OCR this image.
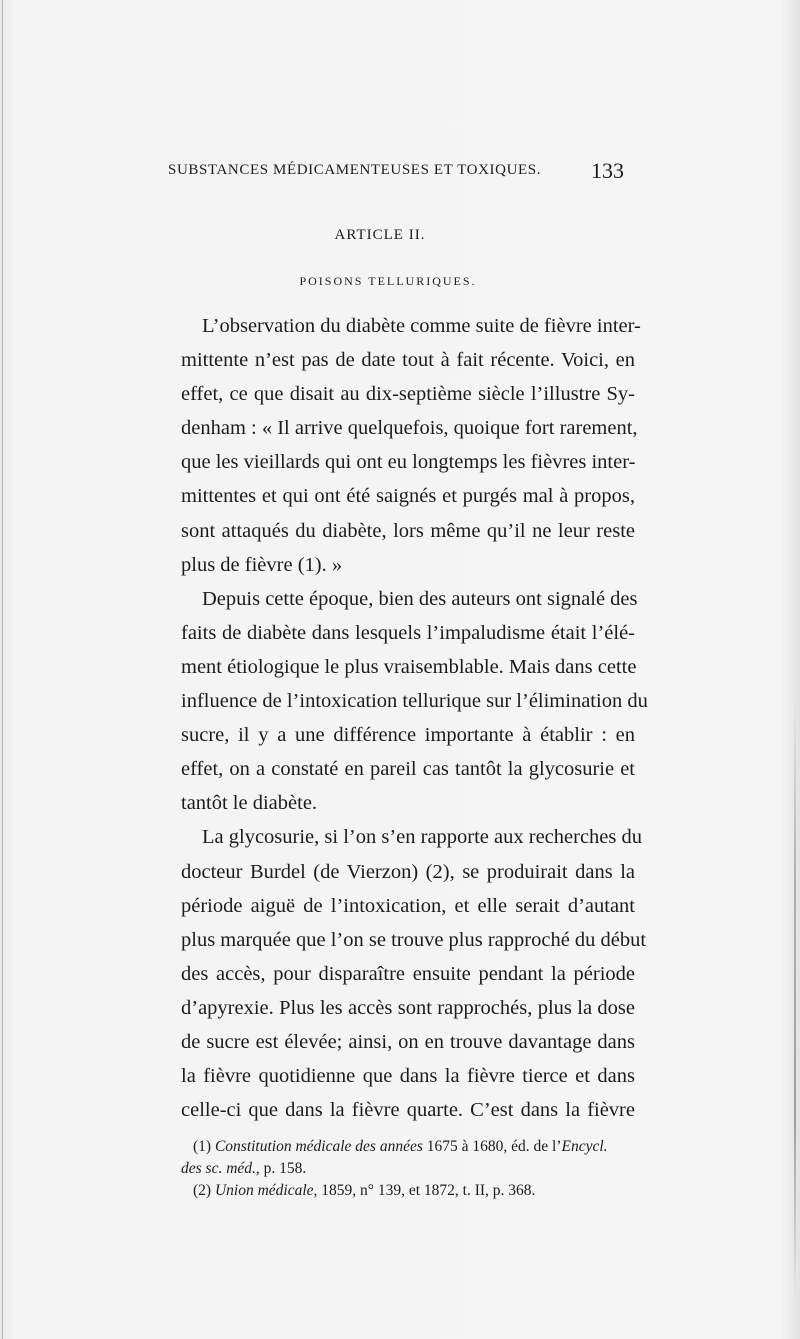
SUBSTANCES MÉDICAMENTEUSES ET TOXIQUES. 133
ARTICLE II.
POISONS TELLURIQUES.
L’observation du diabète comme suite de fièvre inter-
mittente n’est pas de date tout à fait récente. Voici, en
effet, ce que disait au dix-septième siècle l’illustre Sy-
denham : « Il arrive quelquefois, quoique fort rarement,
que les vieillards qui ont eu longtemps les fièvres inter-
mittentes et qui ont été saignés et purgés mal à propos,
sont attaqués du diabète, lors même qu’il ne leur reste
plus de fièvre (1). »
Depuis cette époque, bien des auteurs ont signalé des
faits de diabète dans lesquels l’impaludisme était l’élé-
ment étiologique le plus vraisemblable. Mais dans cette
influence de l’intoxication tellurique sur l’élimination du
sucre, il y a une différence importante à établir : en
effet, on a constaté en pareil cas tantôt la glycosurie et
tantôt le diabète.
La glycosurie, si l’on s’en rapporte aux recherches du
docteur Burdel (de Vierzon) (2), se produirait dans la
période aiguë de l’intoxication, et elle serait d’autant
plus marquée que l’on se trouve plus rapproché du début
des accès, pour disparaître ensuite pendant la période
d’apyrexie. Plus les accès sont rapprochés, plus la dose
de sucre est élevée; ainsi, on en trouve davantage dans
la fièvre quotidienne que dans la fièvre tierce et dans
celle-ci que dans la fièvre quarte. C’est dans la fièvre
(1) Constitution médicale des années 1675 à 1680, éd. de l’Encycl.
des sc. méd., p. 158.
(2) Union médicale, 1859, n° 139, et 1872, t. II, p. 368.
